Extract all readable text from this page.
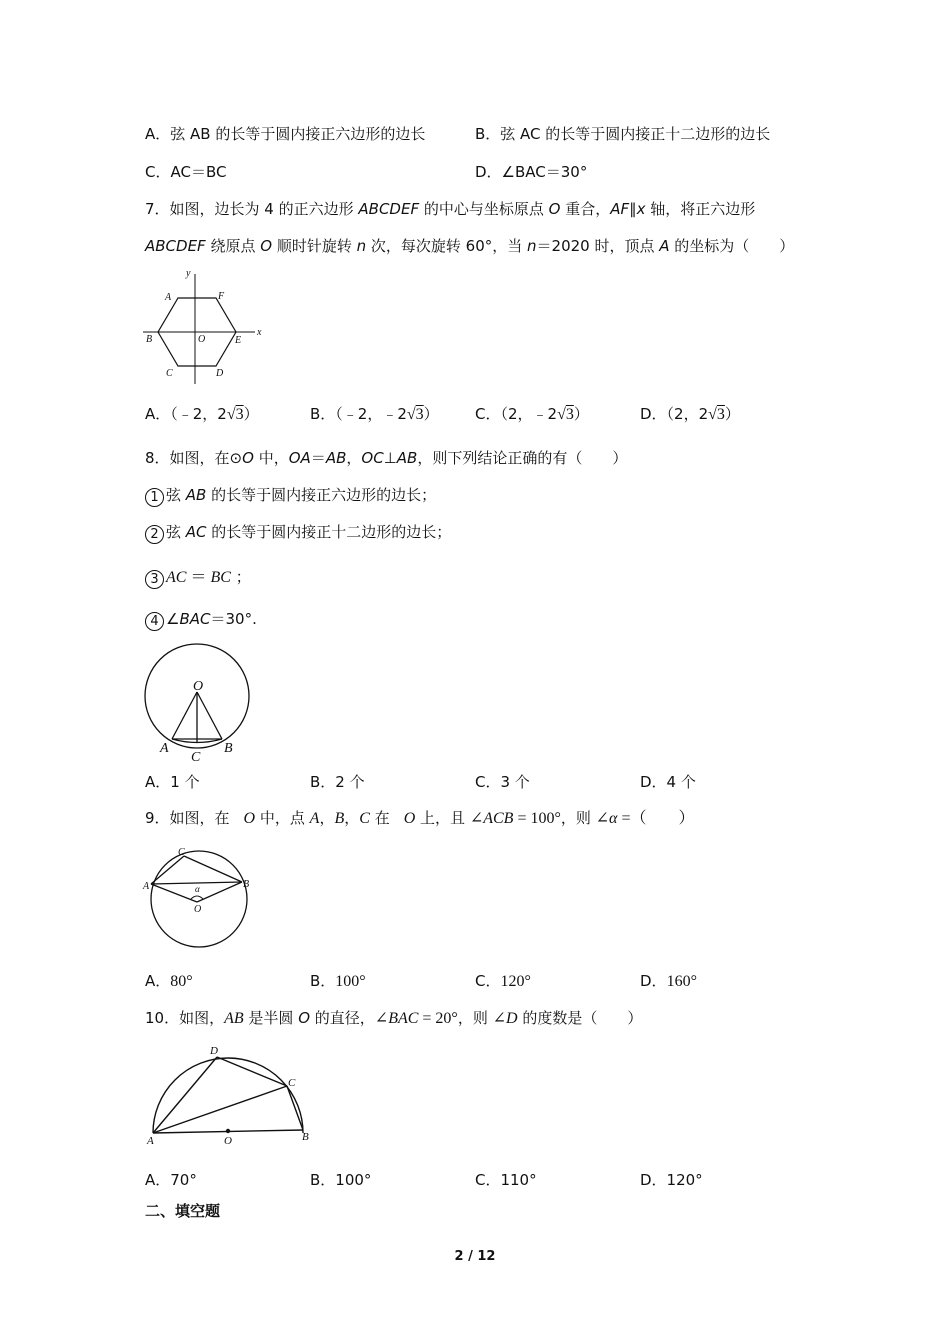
A．弦 AB 的长等于圆内接正六边形的边长	B．弦 AC 的长等于圆内接正十二边形的边长
C．AC＝BC	D．∠BAC＝30°
7．如图，边长为 4 的正六边形 ABCDEF 的中心与坐标原点 O 重合，AF∥x 轴，将正六边形
ABCDEF 绕原点 O 顺时针旋转 n 次，每次旋转 60°，当 n＝2020 时，顶点 A 的坐标为（　　）
y
x
A	F
B	O	E
C	D
A．（﹣2，2√3）	B．（﹣2，﹣2√3） C．（2，﹣2√3）	D．（2，2√3）
8．如图，在⊙O 中，OA＝AB，OC⊥AB，则下列结论正确的有（　　）
1 弦 AB 的长等于圆内接正六边形的边长；
2 弦 AC 的长等于圆内接正十二边形的边长；
3 AC ＝ BC ；
4 ∠BAC＝30°.
O
A
C
B
A．1 个	B．2 个	C．3 个	D．4 个
9．如图，在 O 中，点 A，B，C 在 O 上，且 ∠ACB = 100°，则 ∠α =（　　）
C
A	B
α
O
A．80°	B．100°	C．120°	D．160°
10．如图，AB 是半圆 O 的直径，∠BAC = 20°，则 ∠D 的度数是（　　）
D
C
A	O	B
A．70°	B．100°	C．110°	D．120°
二、填空题
2 / 12
